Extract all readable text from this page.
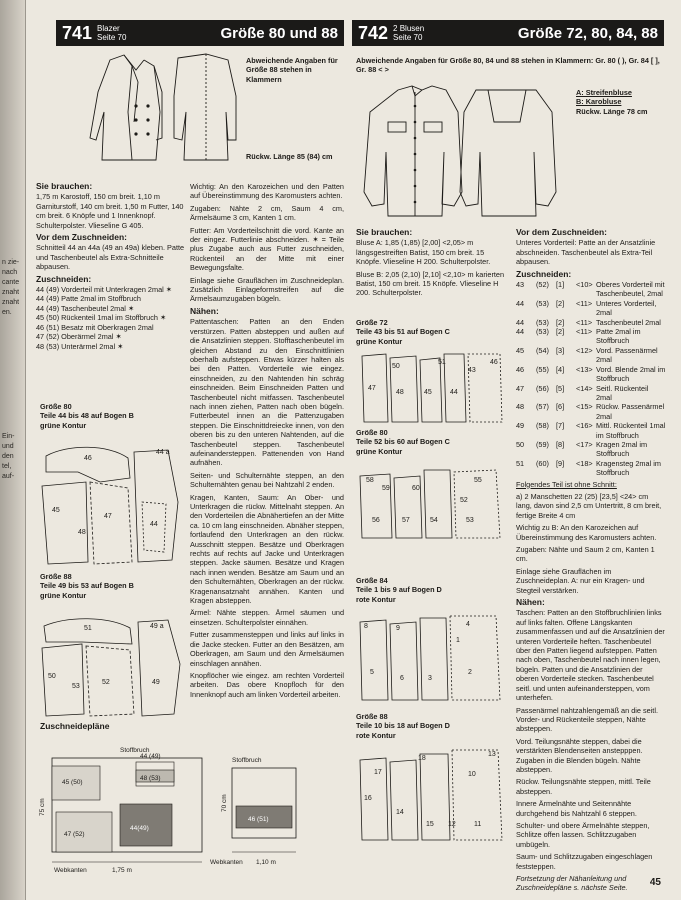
n zie-
nach
cante
znaht
znaht
en.
Ein-
und
den
tel,
auf-
741 Blazer
Seite 70	Größe 80 und 88
Abweichende Angaben für Größe 88 stehen in Klammern
Rückw. Länge 85 (84) cm
Sie brauchen:

1,75 m Karostoff, 150 cm breit. 1,10 m Garniturstoff, 140 cm breit. 1,50 m Futter, 140 cm breit. 6 Knöpfe und 1 Innenknopf. Schulterpolster. Vlieseline G 405.

Vor dem Zuschneiden:

Schnitteil 44 an 44a (49 an 49a) kleben. Patte und Taschenbeutel als Extra-Schnitteile abpausen.

Zuschneiden:
44 (49) Vorderteil mit Unterkragen 2mal ✶
44 (49) Patte 2mal im Stoffbruch
44 (49) Taschenbeutel 2mal ✶
45 (50) Rückenteil 1mal im Stoffbruch ✶
46 (51) Besatz mit Oberkragen 2mal
47 (52) Oberärmel 2mal ✶
48 (53) Unterärmel 2mal ✶
Größe 80
Teile 44 bis 48 auf Bogen B
grüne Kontur
46
44 a
45
48
47
44
Größe 88
Teile 49 bis 53 auf Bogen B
grüne Kontur
51	49 a
50
53
52	49
Zuschneidepläne
Stoffbruch
44 (49)
45 (50)
48 (53)
47 (52)
44(49)
Webkanten	1,75 m
75 cm
Stoffbruch
46 (51)
Webkanten 1,10 m
70 cm

Wichtig: An den Karozeichen und den Patten auf Übereinstimmung des Karomusters achten.

Zugaben: Nähte 2 cm, Saum 4 cm, Ärmelsäume 3 cm, Kanten 1 cm.

Futter: Am Vorderteilschnitt die vord. Kante an der eingez. Futterlinie abschneiden. ✶ = Teile plus Zugabe auch aus Futter zuschneiden, Rückenteil an der Mitte mit einer Bewegungsfalte.

Einlage siehe Grauflächen im Zuschneideplan. Zusätzlich Einlageformstreifen auf die Ärmelsaumzugaben bügeln.

Nähen:

Pattentaschen: Patten an den Enden verstürzen. Patten absteppen und außen auf die Ansatzlinien steppen. Stofftaschenbeutel im gleichen Abstand zu den Einschnittlinien oberhalb aufsteppen. Etwas kürzer halten als bei den Patten. Vorderteile wie eingez. einschneiden, zu den Nahtenden hin schräg einschneiden. Beim Einschneiden Patten und Taschenbeutel nicht mitfassen. Taschenbeutel nach innen ziehen, Patten nach oben bügeln. Futterbeutel innen an die Pattenzugaben steppen. Die Einschnittdreiecke innen, von den oberen bis zu den unteren Nahtenden, auf die Taschenbeutel steppen. Taschenbeutel aufeinandersteppen. Pattenenden von Hand aufnähen.

Seiten- und Schulternähte steppen, an den Schulternähten genau bei Nahtzahl 2 enden.

Kragen, Kanten, Saum: An Ober- und Unterkragen die rückw. Mittelnaht steppen. An den Vorderteilen die Abnähertiefen an der Mitte ca. 10 cm lang einschneiden. Abnäher steppen, fortlaufend den Unterkragen an den rückw. Ausschnitt steppen. Besätze und Oberkragen rechts auf rechts auf Jacke und Unterkragen steppen. Jacke säumen. Besätze und Kragen nach innen wenden. Besätze am Saum und an den Schulternähten, Oberkragen an der rückw. Kragenansatznaht annähen. Kanten und Kragen absteppen.

Ärmel: Nähte steppen. Ärmel säumen und einsetzen. Schulterpolster einnähen.

Futter zusammensteppen und links auf links in die Jacke stecken. Futter an den Besätzen, am Oberkragen, am Saum und den Ärmelsäumen einschlagen annähen.

Knopflöcher wie eingez. am rechten Vorderteil arbeiten. Das obere Knopfloch für den Innenknopf auch am linken Vorderteil arbeiten.

742 2 Blusen
Seite 70	Größe 72, 80, 84, 88
Abweichende Angaben für Größe 80, 84 und 88 stehen in Klammern: Gr. 80 ( ), Gr. 84 [ ], Gr. 88 < >
A: Streifenbluse
B: Karobluse
Rückw. Länge 78 cm
Sie brauchen:

Bluse A: 1,85 (1,85) [2,00] <2,05> m längsgestreiften Batist, 150 cm breit. 15 Knöpfe. Vlieseline H 200. Schulterpolster.

Bluse B: 2,05 (2,10) [2,10] <2,10> m karierten Batist, 150 cm breit. 15 Knöpfe. Vlieseline H 200. Schulterpolster.

Größe 72
Teile 43 bis 51 auf Bogen C
grüne Kontur
47
48	45	44
51	46
50
43
Größe 80
Teile 52 bis 60 auf Bogen C
grüne Kontur
58
59	60
55
52
56	57	54	53
Größe 84
Teile 1 bis 9 auf Bogen D
rote Kontur
8	9
4
1
5
6	3
2
Größe 88
Teile 10 bis 18 auf Bogen D
rote Kontur
17
18
13
10
16
14
15 12	11
Vor dem Zuschneiden:

Unteres Vorderteil: Patte an der Ansatzlinie abschneiden. Taschenbeutel als Extra-Teil abpausen.

Zuschneiden:
43	(52) [1]	<10> Oberes Vorderteil mit Taschenbeutel, 2mal
44	(53) [2]	<11> Unteres Vorderteil, 2mal
44	(53) [2]	<11> Taschenbeutel 2mal
44	(53) [2]	<11> Patte 2mal im Stoffbruch
45	(54) [3]	<12> Vord. Passenärmel 2mal
46	(55) [4]	<13> Vord. Blende 2mal im Stoffbruch
47	(56) [5]	<14> Seitl. Rückenteil 2mal
48	(57) [6]	<15> Rückw. Passenärmel 2mal
49	(58) [7]	<16> Mittl. Rückenteil 1mal im Stoffbruch
50	(59) [8]	<17> Kragen 2mal im Stoffbruch
51	(60) [9]	<18> Kragensteg 2mal im Stoffbruch

Folgendes Teil ist ohne Schnitt:

a) 2 Manschetten 22 (25) [23,5] <24> cm lang, davon sind 2,5 cm Untertritt, 8 cm breit, fertige Breite 4 cm

Wichtig zu B: An den Karozeichen auf Übereinstimmung des Karomusters achten.

Zugaben: Nähte und Saum 2 cm, Kanten 1 cm.

Einlage siehe Grauflächen im Zuschneideplan. A: nur ein Kragen- und Stegteil verstärken.

Nähen:

Taschen: Patten an den Stoffbruchlinien links auf links falten. Offene Längskanten zusammenfassen und auf die Ansatzlinien der unteren Vorderteile heften. Taschenbeutel über den Patten liegend aufsteppen. Patten nach oben, Taschenbeutel nach innen legen, bügeln. Patten und die Ansatzlinien der oberen Vorderteile stecken. Taschenbeutel seitl. und unten aufeinandersteppen, vom unterhefen.

Passenärmel nahtzahlengemäß an die seitl. Vorder- und Rückenteile steppen, Nähte absteppen.

Vord. Teilungsnähte steppen, dabei die verstärkten Blendenseiten anstepppen. Zugaben in die Blenden bügeln. Nähte absteppen.

Rückw. Teilungsnähte steppen, mittl. Teile absteppen.

Innere Ärmelnähte und Seitennähte durchgehend bis Nahtzahl 6 steppen.

Schulter- und obere Ärmelnähte steppen, Schlitze offen lassen. Schlitzzugaben umbügeln.

Saum- und Schlitzzugaben eingeschlagen feststeppen.

Fortsetzung der Nähanleitung und Zuschneidepläne s. nächste Seite.	45
